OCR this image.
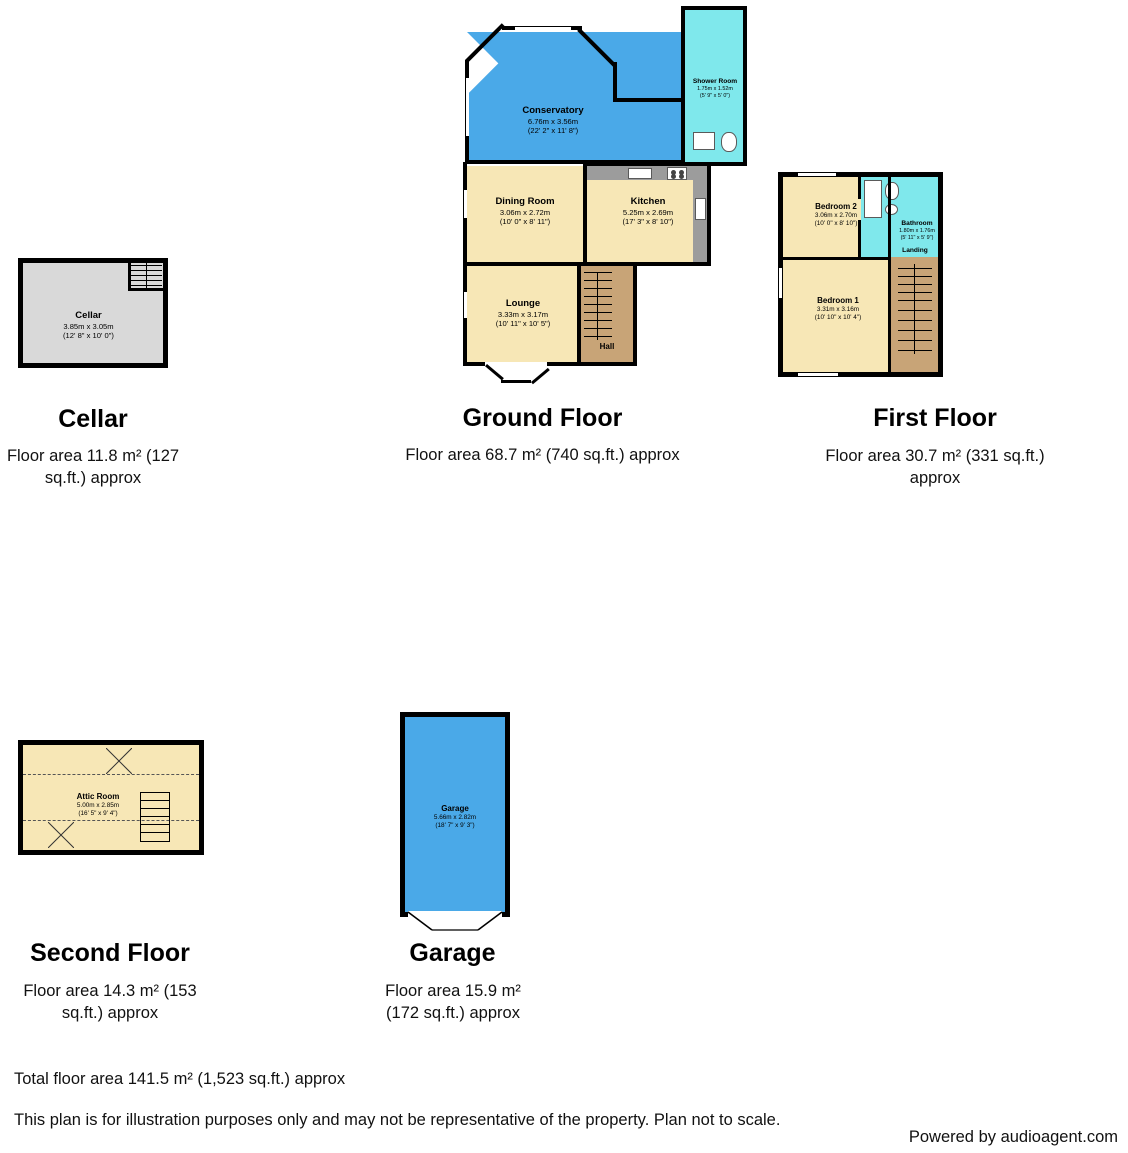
Cellar
3.85m x 3.05m
(12' 8" x 10' 0")
Cellar
Floor area 11.8 m² (127 sq.ft.) approx
Conservatory
6.76m x 3.56m
(22' 2" x 11' 8")
Shower Room
1.75m x 1.52m
(5' 9" x 5' 0")
Dining Room
3.06m x 2.72m
(10' 0" x 8' 11")
Kitchen
5.25m x 2.69m
(17' 3" x 8' 10")
Lounge
3.33m x 3.17m
(10' 11" x 10' 5")
Hall
Ground Floor
Floor area 68.7 m² (740 sq.ft.) approx
Bedroom 2
3.06m x 2.70m
(10' 0" x 8' 10")	Bathroom
1.80m x 1.76m
(5' 11" x 5' 9")
Landing
Bedroom 1
3.31m x 3.16m
(10' 10" x 10' 4")
First Floor
Floor area 30.7 m² (331 sq.ft.) approx
Attic Room
5.00m x 2.85m
(16' 5" x 9' 4")
Second Floor
Floor area 14.3 m² (153 sq.ft.) approx
Garage
5.66m x 2.82m
(18' 7" x 9' 3")
Garage
Floor area 15.9 m² (172 sq.ft.) approx
Total floor area 141.5 m² (1,523 sq.ft.) approx
This plan is for illustration purposes only and may not be representative of the property. Plan not to scale.
Powered by audioagent.com
